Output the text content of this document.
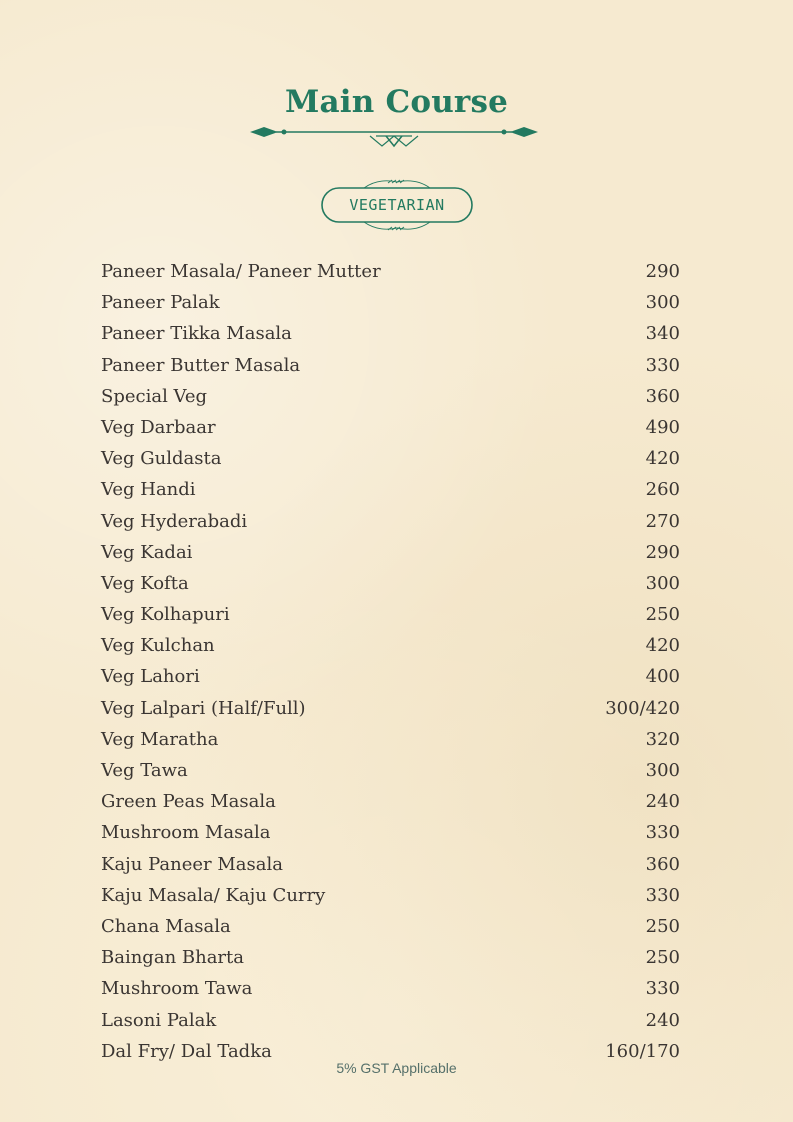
Main Course
VEGETARIAN
Paneer Masala/ Paneer Mutter	290
Paneer Palak	300
Paneer Tikka Masala	340
Paneer Butter Masala	330
Special Veg	360
Veg Darbaar	490
Veg Guldasta	420
Veg Handi	260
Veg Hyderabadi	270
Veg Kadai	290
Veg Kofta	300
Veg Kolhapuri	250
Veg Kulchan	420
Veg Lahori	400
Veg Lalpari (Half/Full)	300/420
Veg Maratha	320
Veg Tawa	300
Green Peas Masala	240
Mushroom Masala	330
Kaju Paneer Masala	360
Kaju Masala/ Kaju Curry	330
Chana Masala	250
Baingan Bharta	250
Mushroom Tawa	330
Lasoni Palak	240
Dal Fry/ Dal Tadka	160/170
5% GST Applicable
